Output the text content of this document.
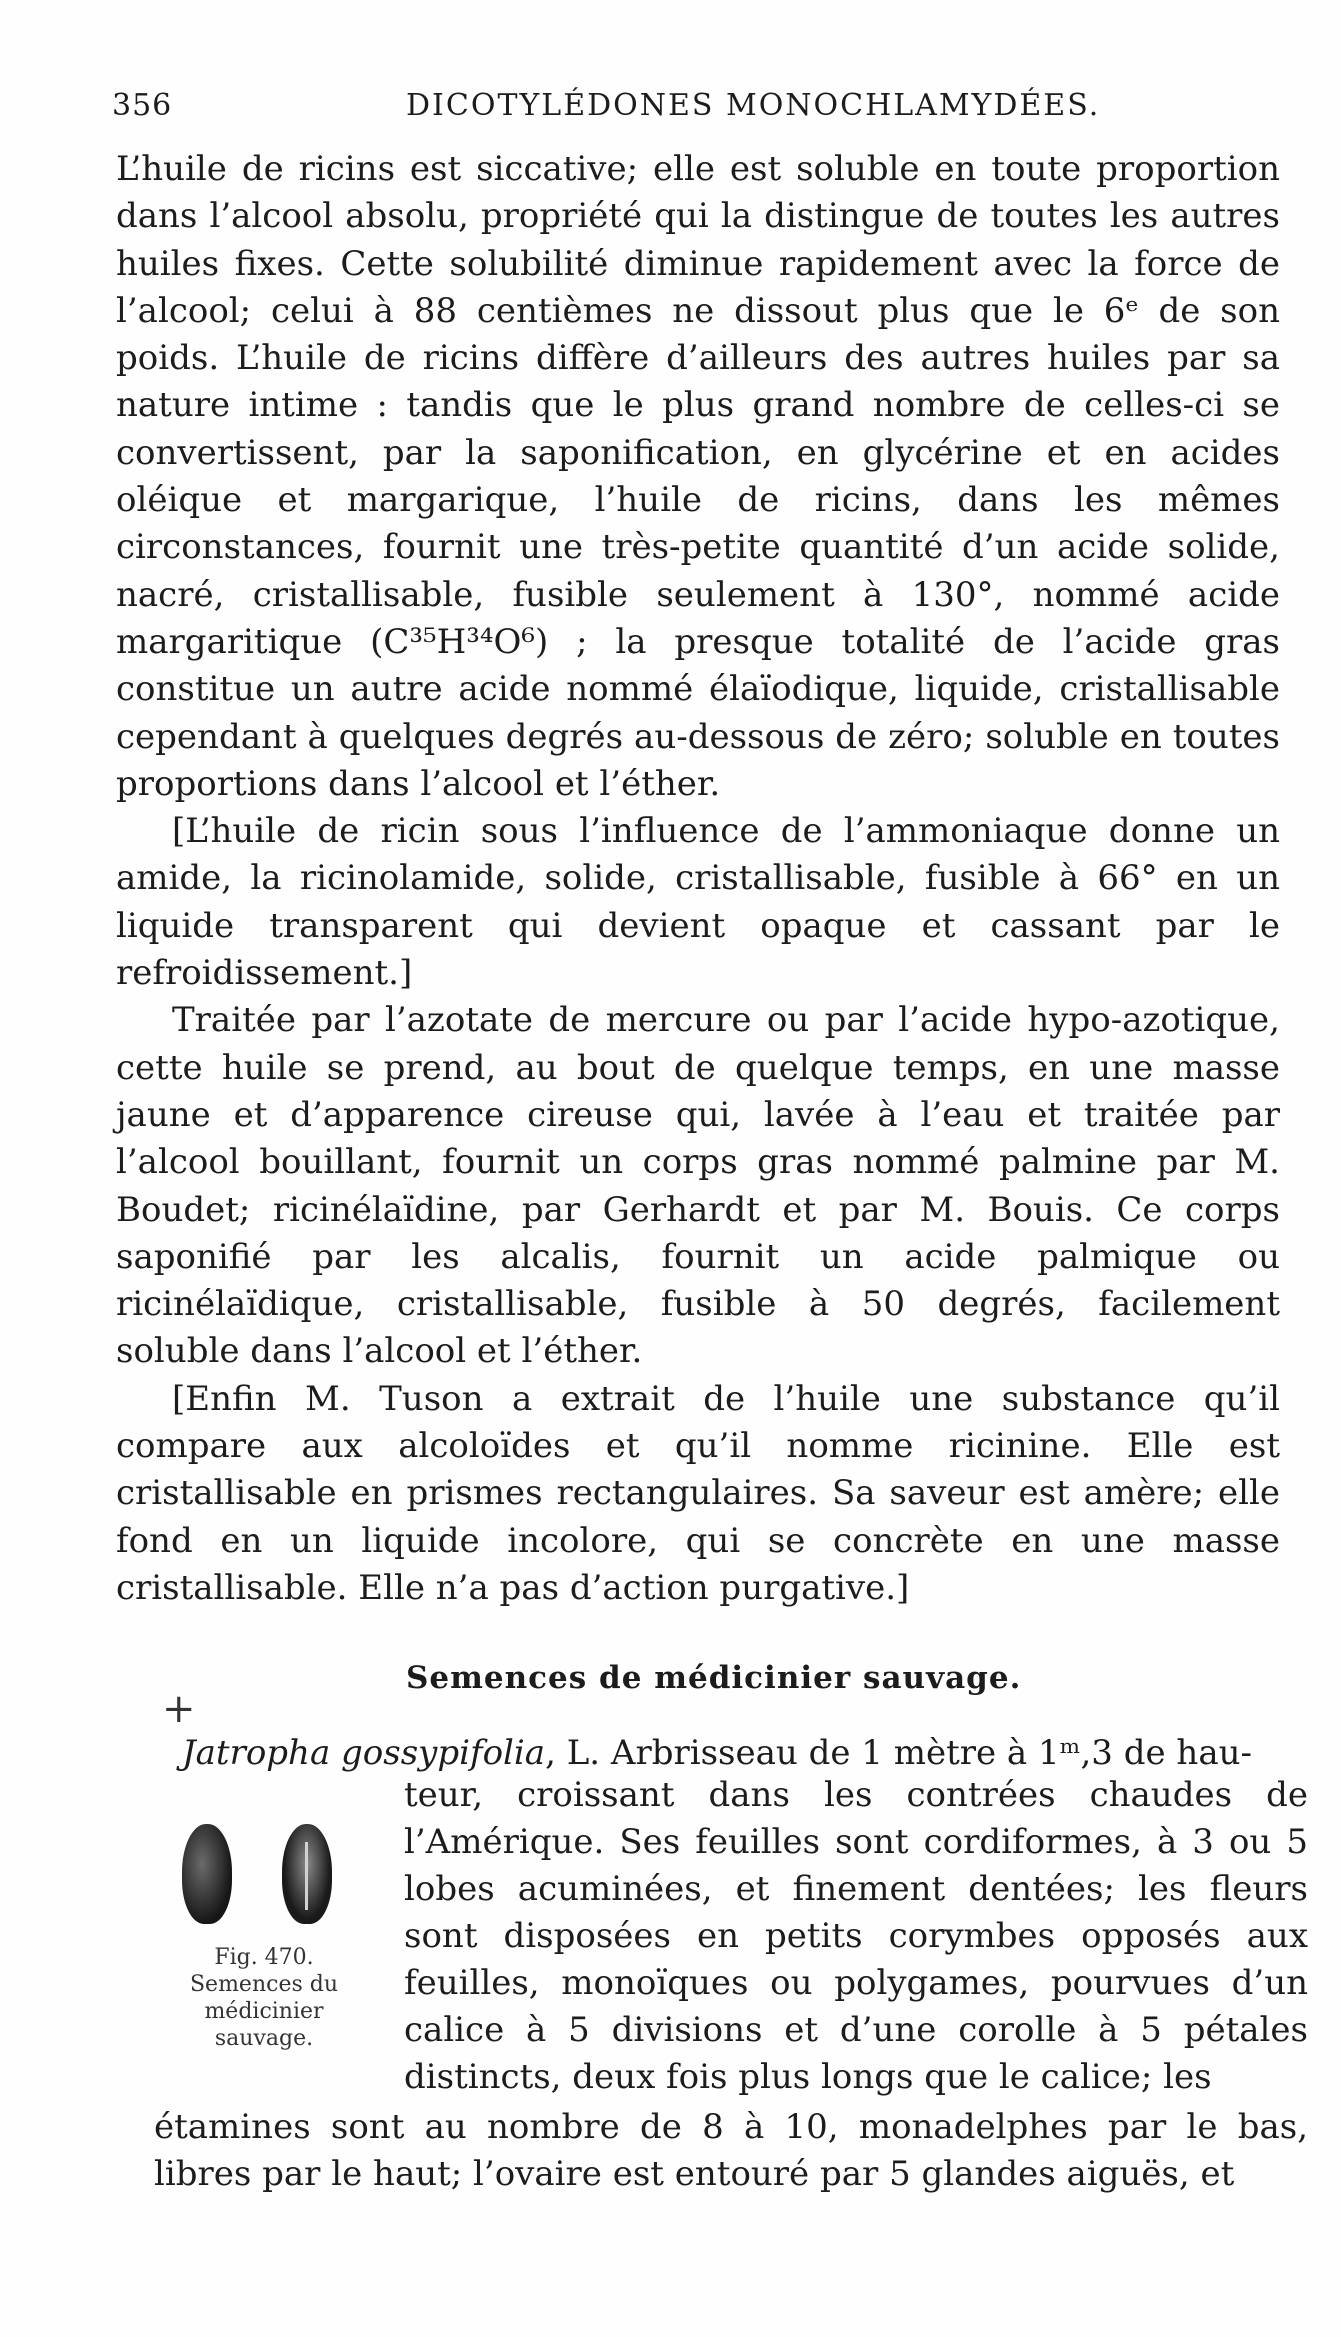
356	DICOTYLÉDONES MONOCHLAMYDÉES.

L’huile de ricins est siccative; elle est soluble en toute proportion dans l’alcool absolu, propriété qui la distingue de toutes les autres huiles fixes. Cette solubilité diminue rapidement avec la force de l’alcool; celui à 88 centièmes ne dissout plus que le 6ᵉ de son poids. L’huile de ricins diffère d’ailleurs des autres huiles par sa nature intime : tandis que le plus grand nombre de celles-ci se convertissent, par la saponification, en glycérine et en acides oléique et margarique, l’huile de ricins, dans les mêmes circonstances, fournit une très-petite quantité d’un acide solide, nacré, cristallisable, fusible seulement à 130°, nommé acide margaritique (C³⁵H³⁴O⁶) ; la presque totalité de l’acide gras constitue un autre acide nommé élaïodique, liquide, cristallisable cependant à quelques degrés au-dessous de zéro; soluble en toutes proportions dans l’alcool et l’éther.

[L’huile de ricin sous l’influence de l’ammoniaque donne un amide, la ricinolamide, solide, cristallisable, fusible à 66° en un liquide transparent qui devient opaque et cassant par le refroidissement.]

Traitée par l’azotate de mercure ou par l’acide hypo-azotique, cette huile se prend, au bout de quelque temps, en une masse jaune et d’apparence cireuse qui, lavée à l’eau et traitée par l’alcool bouillant, fournit un corps gras nommé palmine par M. Boudet; ricinélaïdine, par Gerhardt et par M. Bouis. Ce corps saponifié par les alcalis, fournit un acide palmique ou ricinélaïdique, cristallisable, fusible à 50 degrés, facilement soluble dans l’alcool et l’éther.

[Enfin M. Tuson a extrait de l’huile une substance qu’il compare aux alcoloïdes et qu’il nomme ricinine. Elle est cristallisable en prismes rectangulaires. Sa saveur est amère; elle fond en un liquide incolore, qui se concrète en une masse cristallisable. Elle n’a pas d’action purgative.]

+
Semences de médicinier sauvage.
Jatropha gossypifolia, L. Arbrisseau de 1 mètre à 1ᵐ,3 de hau-
Fig. 470.
Semences du médicinier sauvage.
teur, croissant dans les contrées chaudes de l’Amérique. Ses feuilles sont cordiformes, à 3 ou 5 lobes acuminées, et finement dentées; les fleurs sont disposées en petits corymbes opposés aux feuilles, monoïques ou polygames, pourvues d’un calice à 5 divisions et d’une corolle à 5 pétales distincts, deux fois plus longs que le calice; les
étamines sont au nombre de 8 à 10, monadelphes par le bas, libres par le haut; l’ovaire est entouré par 5 glandes aiguës, et
